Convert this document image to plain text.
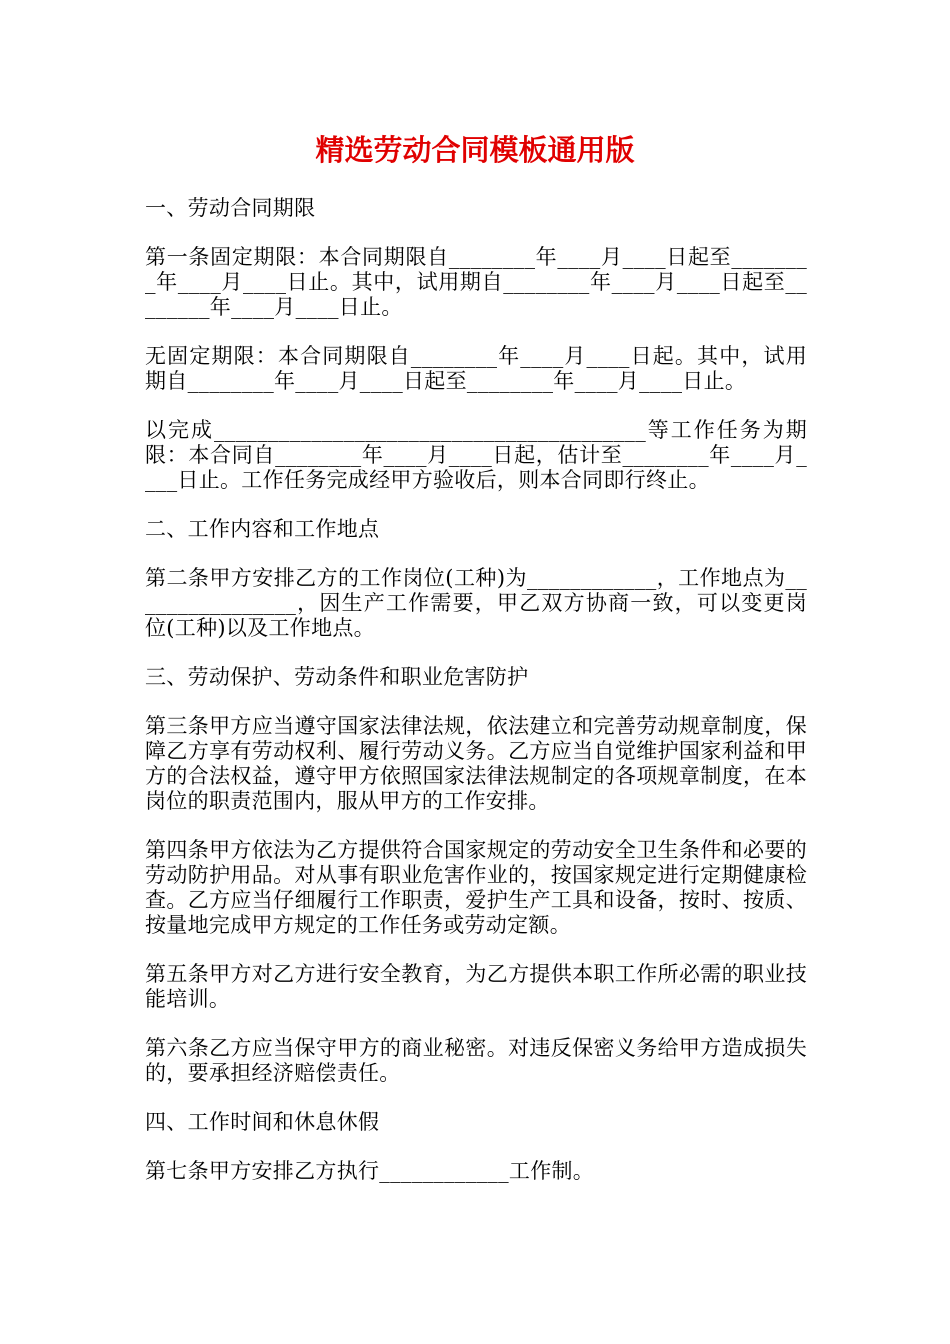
精选劳动合同模板通用版

一、劳动合同期限

第一条固定期限：本合同期限自________年____月____日起至________年____月____日止。其中，试用期自________年____月____日起至________年____月____日止。

无固定期限：本合同期限自________年____月____日起。其中，试用期自________年____月____日起至________年____月____日止。

以完成________________________________________等工作任务为期限：本合同自________年____月____日起，估计至________年____月____日止。工作任务完成经甲方验收后，则本合同即行终止。

二、工作内容和工作地点

第二条甲方安排乙方的工作岗位(工种)为____________，工作地点为________________，因生产工作需要，甲乙双方协商一致，可以变更岗位(工种)以及工作地点。

三、劳动保护、劳动条件和职业危害防护

第三条甲方应当遵守国家法律法规，依法建立和完善劳动规章制度，保障乙方享有劳动权利、履行劳动义务。乙方应当自觉维护国家利益和甲方的合法权益，遵守甲方依照国家法律法规制定的各项规章制度，在本岗位的职责范围内，服从甲方的工作安排。

第四条甲方依法为乙方提供符合国家规定的劳动安全卫生条件和必要的劳动防护用品。对从事有职业危害作业的，按国家规定进行定期健康检查。乙方应当仔细履行工作职责，爱护生产工具和设备，按时、按质、按量地完成甲方规定的工作任务或劳动定额。

第五条甲方对乙方进行安全教育，为乙方提供本职工作所必需的职业技能培训。

第六条乙方应当保守甲方的商业秘密。对违反保密义务给甲方造成损失的，要承担经济赔偿责任。

四、工作时间和休息休假

第七条甲方安排乙方执行____________工作制。
